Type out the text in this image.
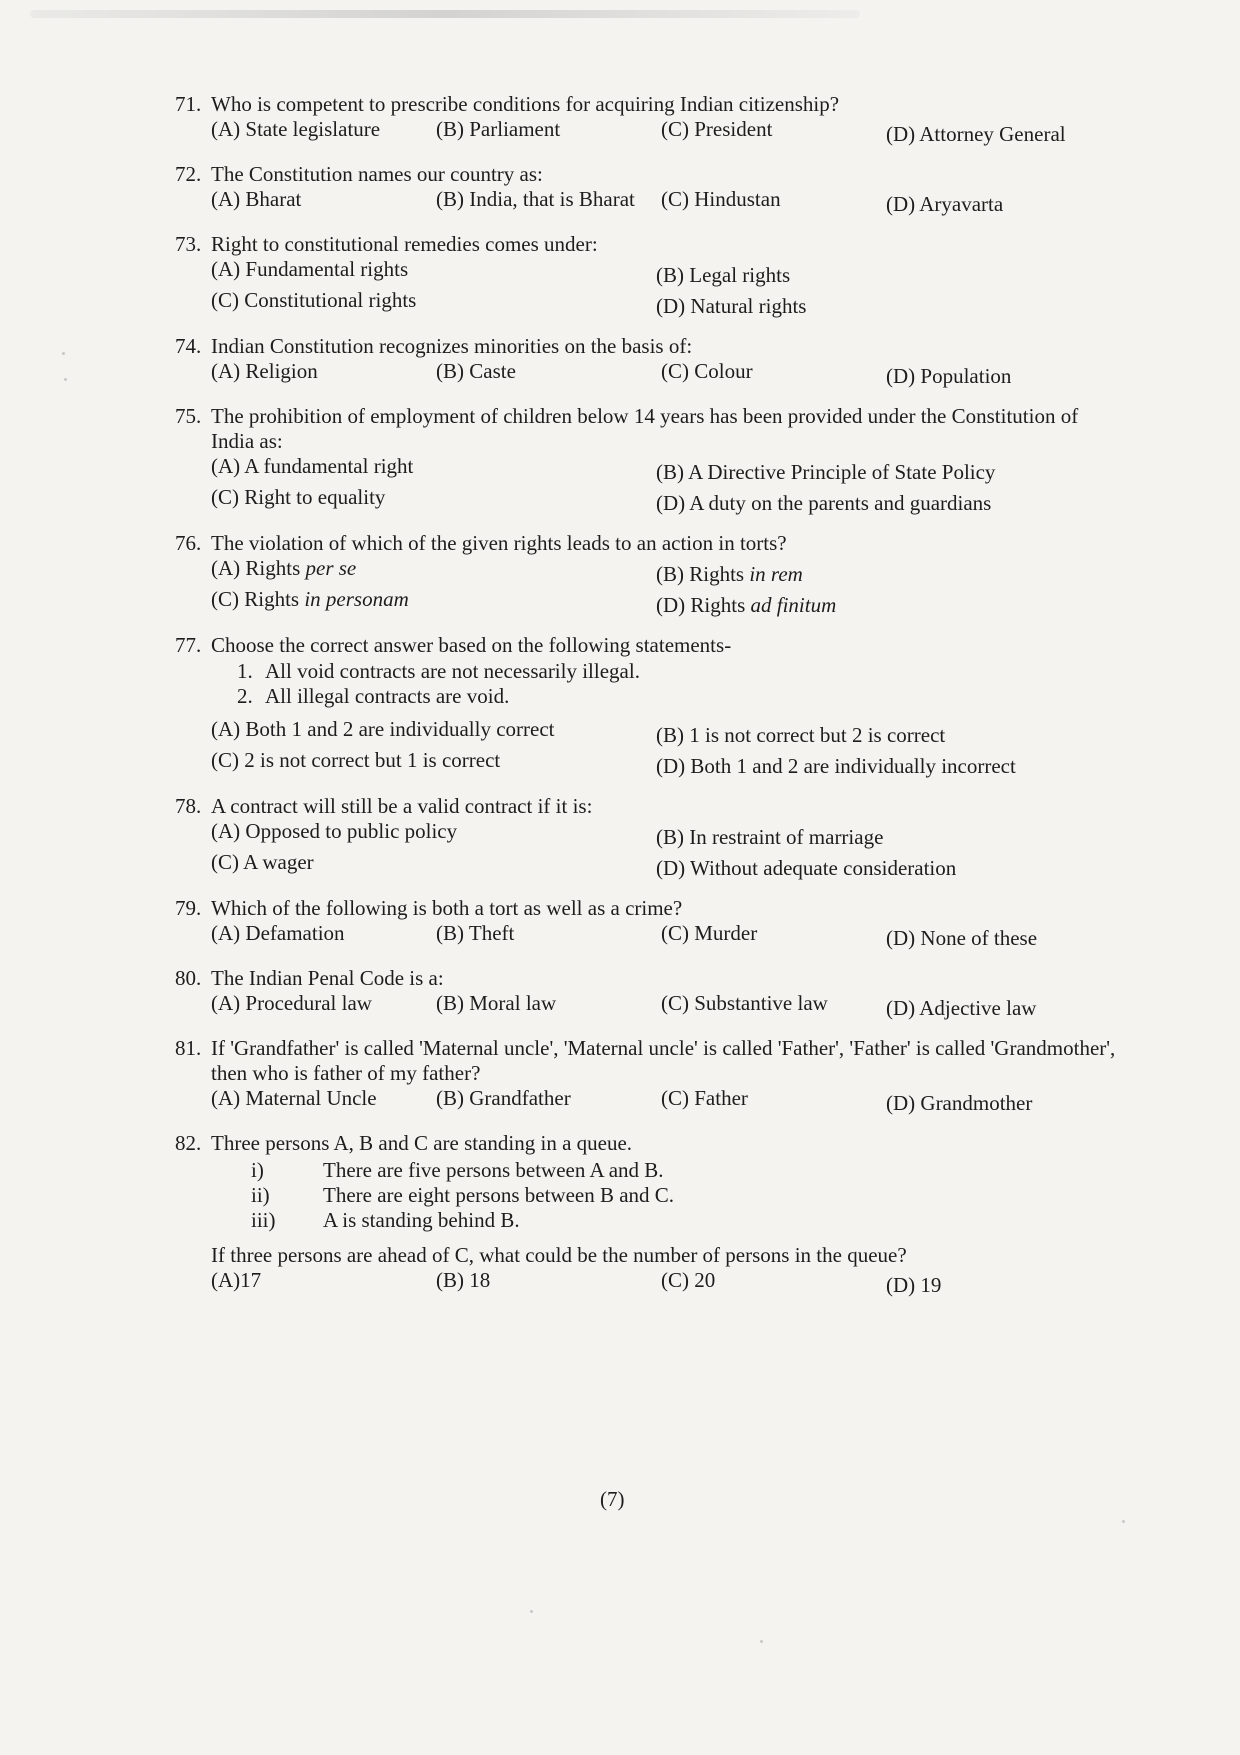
71. Who is competent to prescribe conditions for acquiring Indian citizenship?
(A) State legislature	(B) Parliament	(C) President	(D) Attorney General
72. The Constitution names our country as:
(A) Bharat	(B) India, that is Bharat	(C) Hindustan	(D) Aryavarta
73. Right to constitutional remedies comes under:
(A) Fundamental rights	(B) Legal rights
(C) Constitutional rights	(D) Natural rights
74. Indian Constitution recognizes minorities on the basis of:
(A) Religion	(B) Caste	(C) Colour	(D) Population
75. The prohibition of employment of children below 14 years has been provided under the Constitution of India as:
(A) A fundamental right	(B) A Directive Principle of State Policy
(C) Right to equality	(D) A duty on the parents and guardians
76. The violation of which of the given rights leads to an action in torts?
(A) Rights per se	(B) Rights in rem
(C) Rights in personam	(D) Rights ad finitum
77. Choose the correct answer based on the following statements-
1. All void contracts are not necessarily illegal.
2. All illegal contracts are void.
(A) Both 1 and 2 are individually correct	(B) 1 is not correct but 2 is correct
(C) 2 is not correct but 1 is correct	(D) Both 1 and 2 are individually incorrect
78. A contract will still be a valid contract if it is:
(A) Opposed to public policy	(B) In restraint of marriage
(C) A wager	(D) Without adequate consideration
79. Which of the following is both a tort as well as a crime?
(A) Defamation	(B) Theft	(C) Murder	(D) None of these
80. The Indian Penal Code is a:
(A) Procedural law	(B) Moral law	(C) Substantive law	(D) Adjective law
81. If 'Grandfather' is called 'Maternal uncle', 'Maternal uncle' is called 'Father', 'Father' is called 'Grandmother', then who is father of my father?
(A) Maternal Uncle	(B) Grandfather	(C) Father	(D) Grandmother
82. Three persons A, B and C are standing in a queue.
i)	There are five persons between A and B.
ii)	There are eight persons between B and C.
iii)	A is standing behind B.
If three persons are ahead of C, what could be the number of persons in the queue?
(A)17	(B) 18	(C) 20	(D) 19
(7)
